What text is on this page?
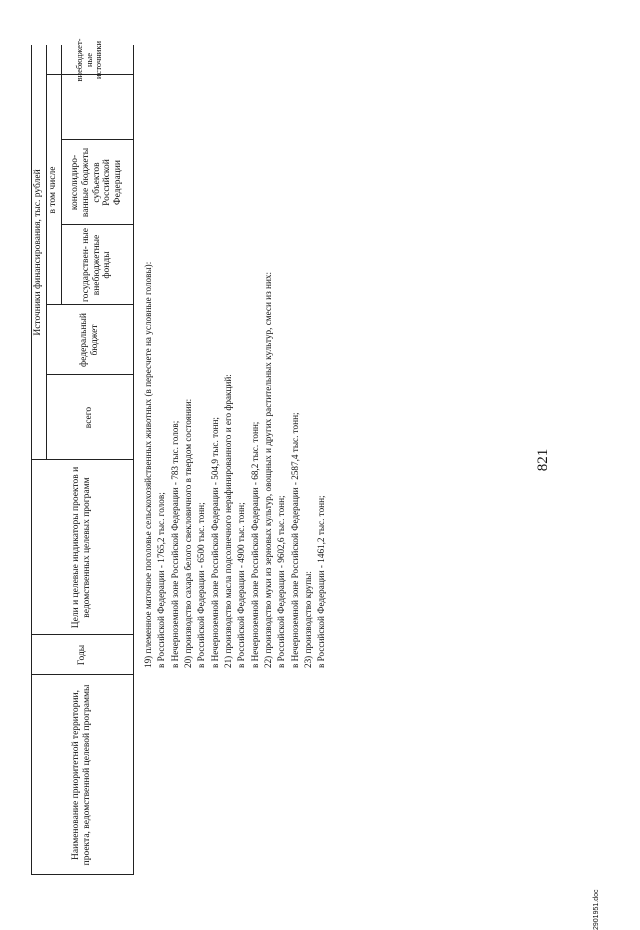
Наименование приоритетной территории, проекта, ведомственной целевой программы
Годы
Цели и целевые индикаторы проектов и ведомственных целевых программ
Источники финансирования, тыс. рублей
всего
федеральный бюджет
в том числе
государствен- ные внебюджетные фонды
консолидиро- ванные бюджеты субъектов Российской Федерации
внебюджет- ные источники
19) племенное маточное поголовье сельскохозяйственных животных (в пересчете на условные головы): в Российской Федерации - 1765,2 тыс. голов; в Нечерноземной зоне Российской Федерации - 783 тыс. голов; 20) производство сахара белого свекловичного в твердом состоянии: в Российской Федерации - 6500 тыс. тонн; в Нечерноземной зоне Российской Федерации - 504,9 тыс. тонн; 21) производство масла подсолнечного нерафинированного и его фракций: в Российской Федерации - 4900 тыс. тонн; в Нечерноземной зоне Российской Федерации - 68,2 тыс. тонн; 22) производство муки из зерновых культур, овощных и других растительных культур, смеси из них: в Российской Федерации - 9602,6 тыс. тонн; в Нечерноземной зоне Российской Федерации - 2587,4 тыс. тонн; 23) производство крупы: в Российской Федерации - 1461,2 тыс. тонн;
821
2901951.doc
